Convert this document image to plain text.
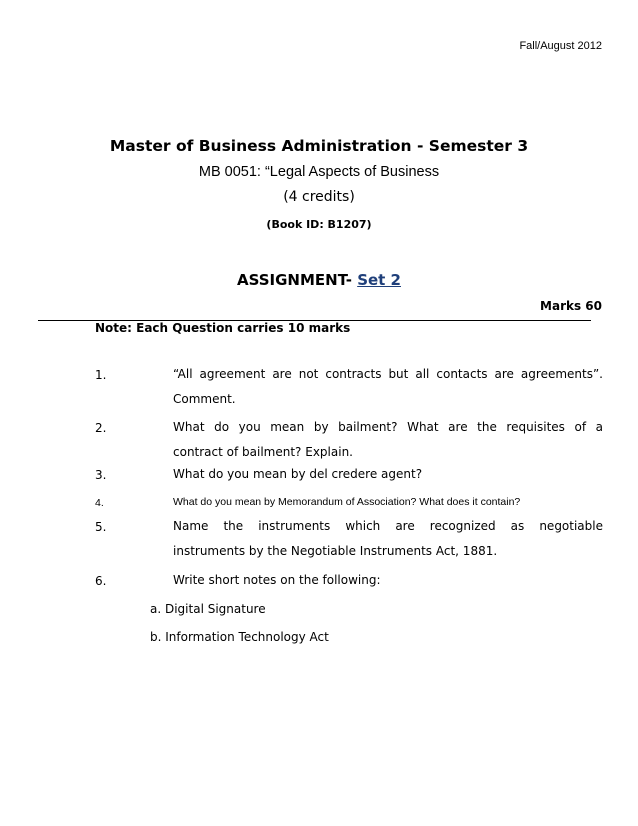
Fall/August 2012
Master of Business Administration - Semester 3
MB 0051: “Legal Aspects of Business
(4 credits)
(Book ID: B1207)
ASSIGNMENT- Set 2
Marks 60
Note: Each Question carries 10 marks
1.	“All agreement are not contracts but all contacts are agreements”.
Comment.
2.	What do you mean by bailment? What are the requisites of a
contract of bailment? Explain.
3.	What do you mean by del credere agent?
4.	What do you mean by Memorandum of Association? What does it contain?
5.	Name the instruments which are recognized as negotiable
instruments by the Negotiable Instruments Act, 1881.
6.	Write short notes on the following:
a. Digital Signature
b. Information Technology Act
